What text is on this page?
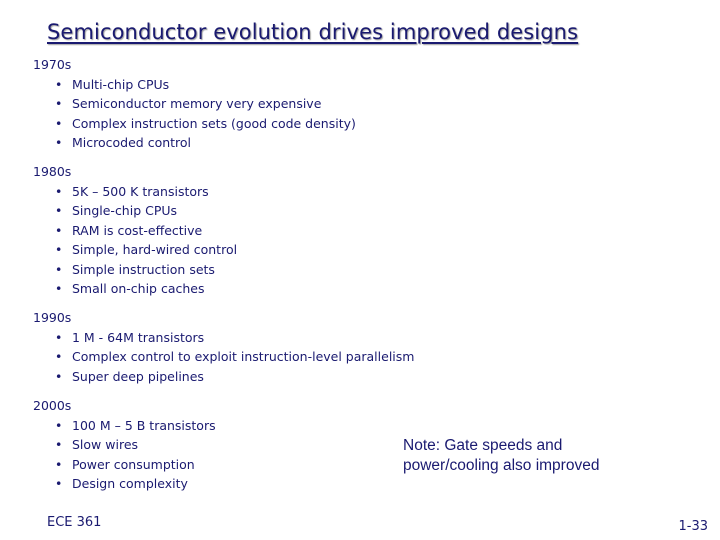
Semiconductor evolution drives improved designs
1970s
• Multi-chip CPUs
• Semiconductor memory very expensive
• Complex instruction sets (good code density)
• Microcoded control
1980s
• 5K – 500 K transistors
• Single-chip CPUs
• RAM is cost-effective
• Simple, hard-wired control
• Simple instruction sets
• Small on-chip caches
1990s
• 1 M - 64M transistors
• Complex control to exploit instruction-level parallelism
• Super deep pipelines
2000s
• 100 M – 5 B transistors
• Slow wires
• Power consumption
• Design complexity
Note: Gate speeds and
power/cooling also improved
ECE 361	1-33
